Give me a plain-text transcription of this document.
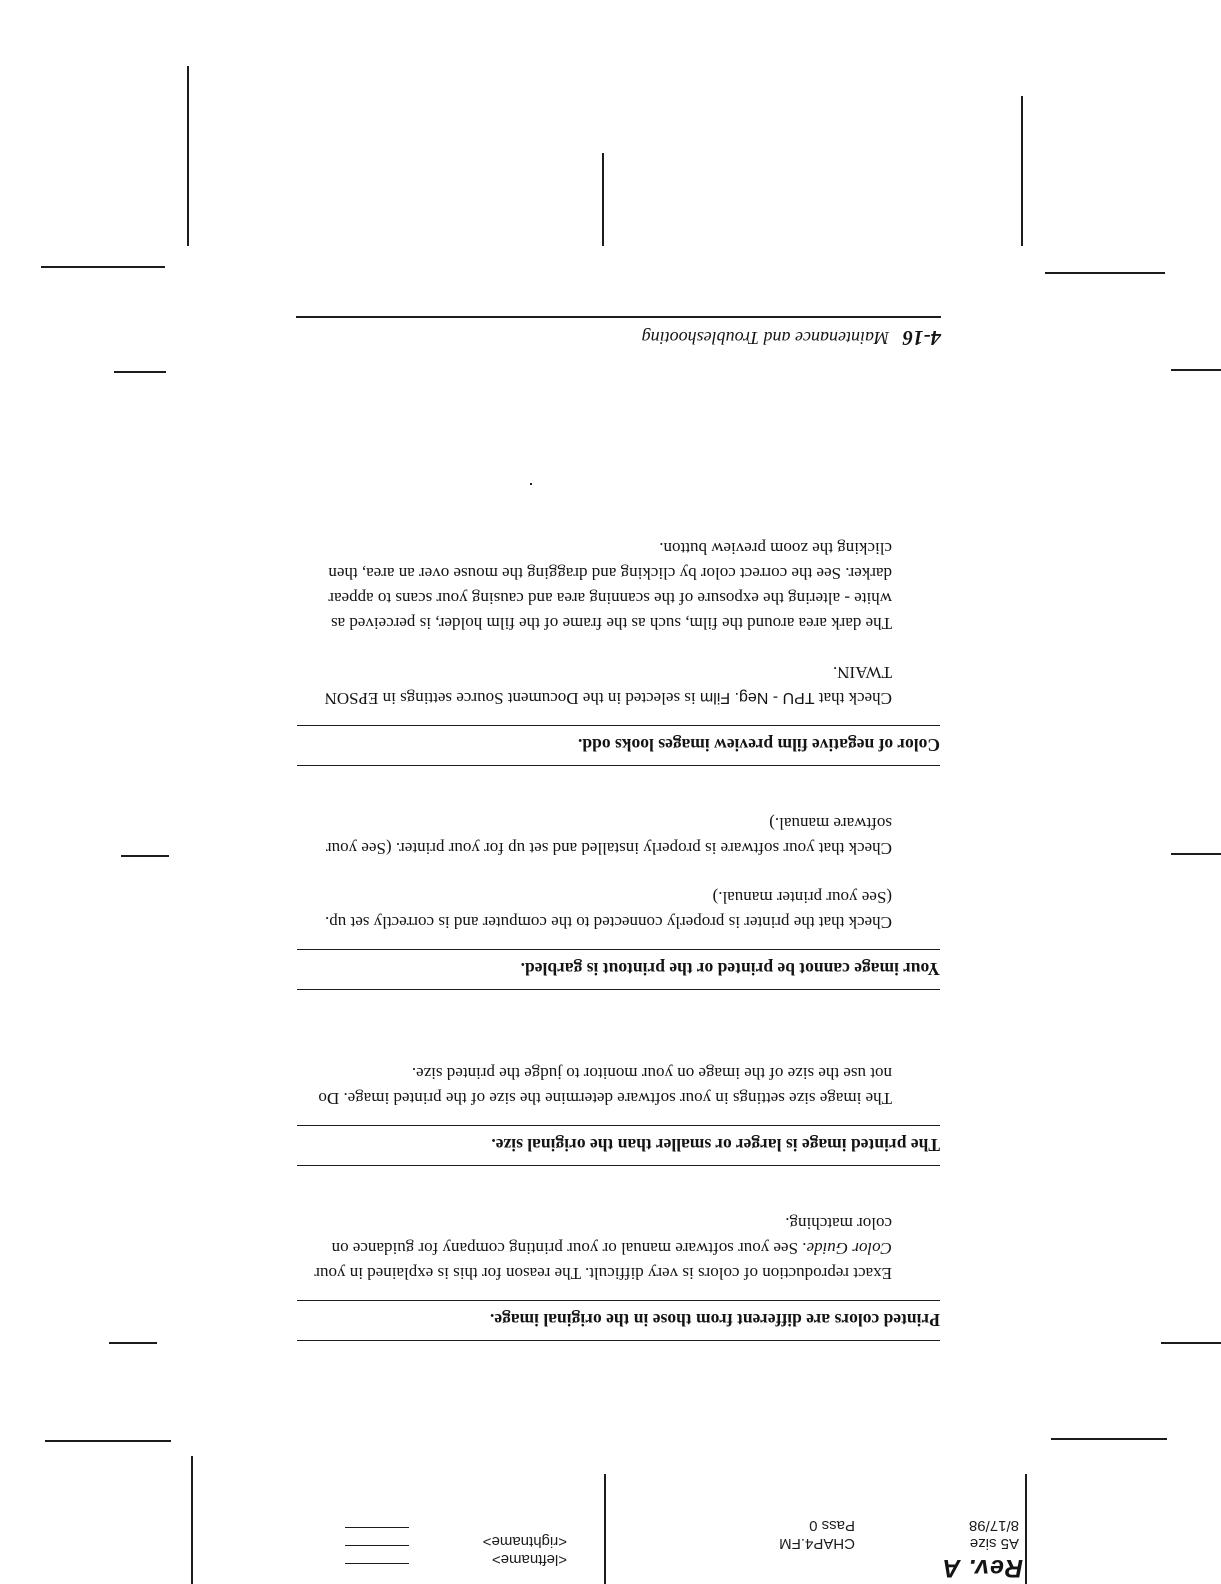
Rev. A
A5 size
8/17/98
CHAP4.FM
Pass 0
<leftname>
<rightname>
4-16
Maintenance and Troubleshooting
Printed colors are different from those in the original image.

Exact reproduction of colors is very difficult. The reason for this is explained in your Color Guide. See your software manual or your printing company for guidance on color matching.

The printed image is larger or smaller than the original size.

The image size settings in your software determine the size of the printed image. Do not use the size of the image on your monitor to judge the printed size.

Your image cannot be printed or the printout is garbled.

Check that the printer is properly connected to the computer and is correctly set up. (See your printer manual.)

Check that your software is properly installed and set up for your printer. (See your software manual.)

Color of negative film preview images looks odd.

Check that TPU - Neg. Film is selected in the Document Source settings in EPSON TWAIN.

The dark area around the film, such as the frame of the film holder, is perceived as white - altering the exposure of the scanning area and causing your scans to appear darker. See the correct color by clicking and dragging the mouse over an area, then clicking the zoom preview button.
